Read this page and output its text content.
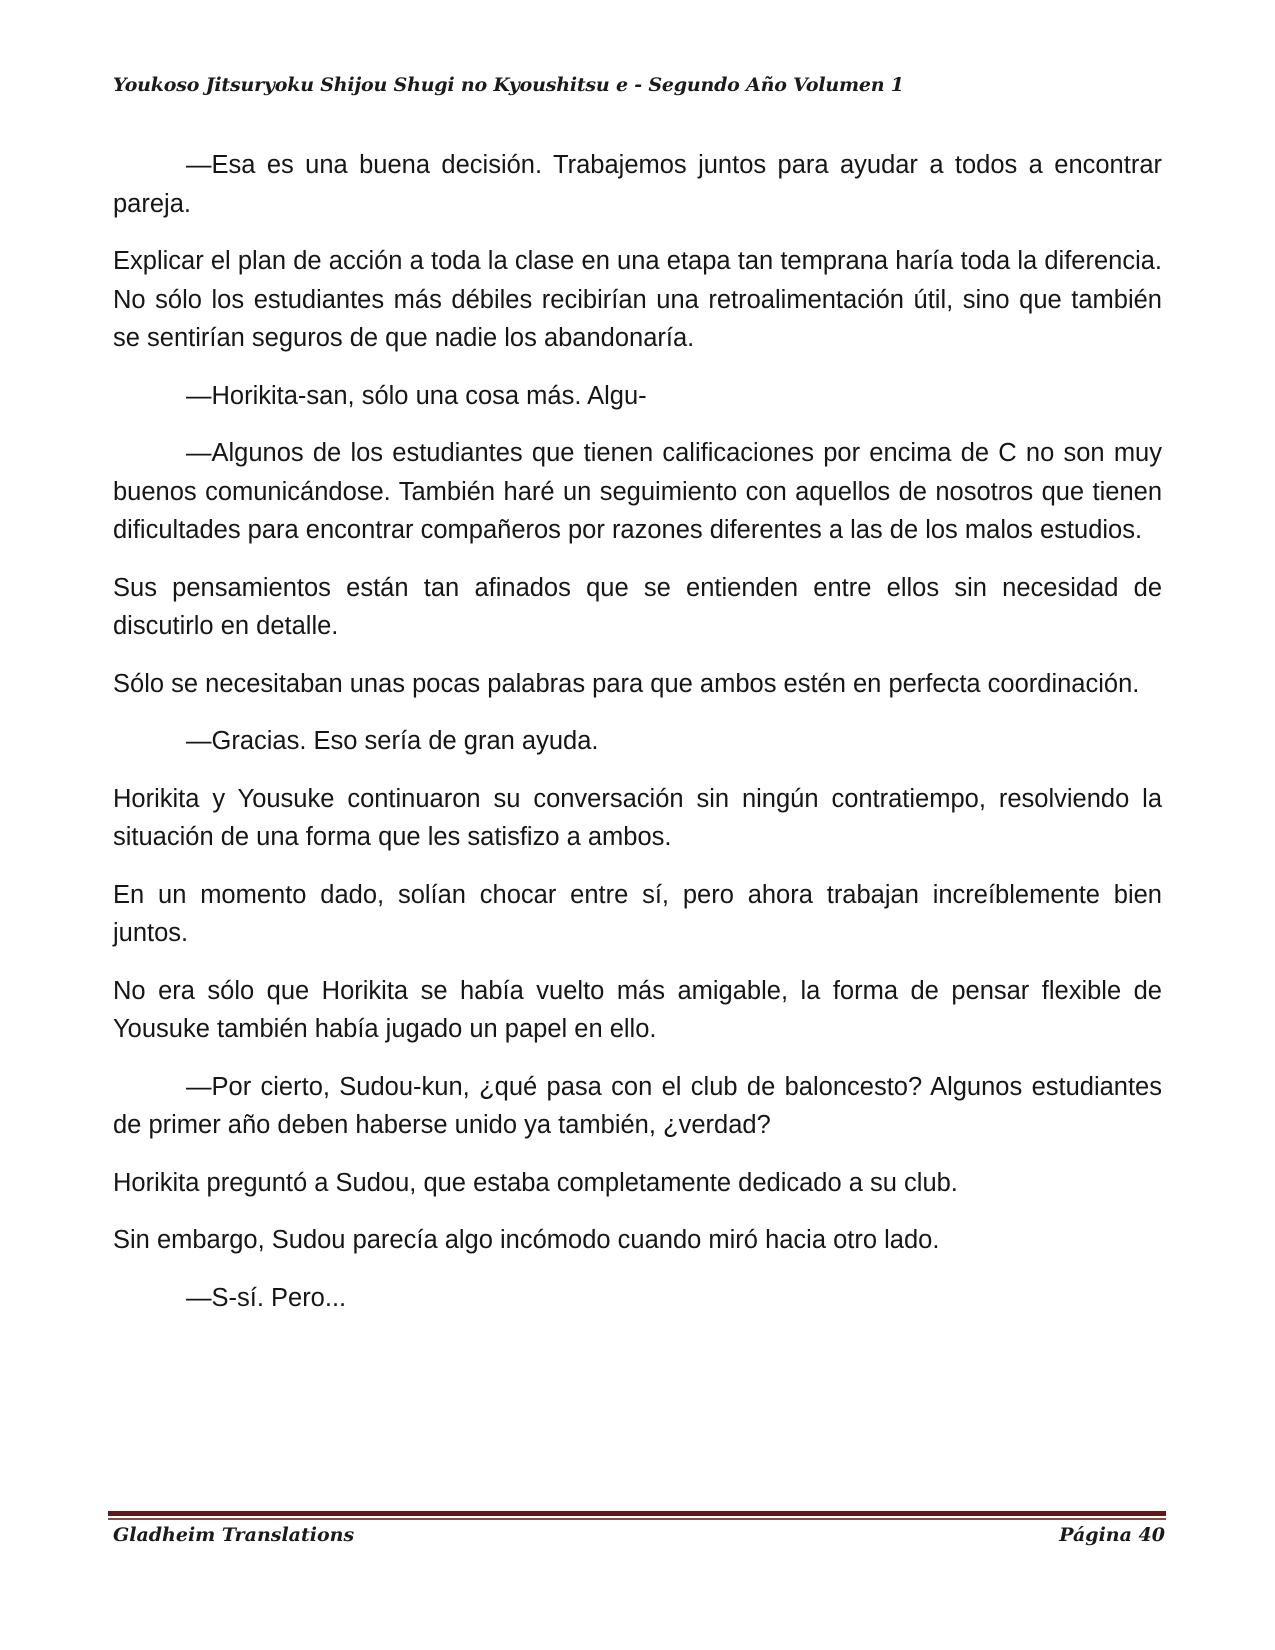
Youkoso Jitsuryoku Shijou Shugi no Kyoushitsu e - Segundo Año Volumen 1

—Esa es una buena decisión. Trabajemos juntos para ayudar a todos a encontrar pareja.

Explicar el plan de acción a toda la clase en una etapa tan temprana haría toda la diferencia. No sólo los estudiantes más débiles recibirían una retroalimentación útil, sino que también se sentirían seguros de que nadie los abandonaría.

—Horikita-san, sólo una cosa más. Algu-

—Algunos de los estudiantes que tienen calificaciones por encima de C no son muy buenos comunicándose. También haré un seguimiento con aquellos de nosotros que tienen dificultades para encontrar compañeros por razones diferentes a las de los malos estudios.

Sus pensamientos están tan afinados que se entienden entre ellos sin necesidad de discutirlo en detalle.

Sólo se necesitaban unas pocas palabras para que ambos estén en perfecta coordinación.

—Gracias. Eso sería de gran ayuda.

Horikita y Yousuke continuaron su conversación sin ningún contratiempo, resolviendo la situación de una forma que les satisfizo a ambos.

En un momento dado, solían chocar entre sí, pero ahora trabajan increíblemente bien juntos.

No era sólo que Horikita se había vuelto más amigable, la forma de pensar flexible de Yousuke también había jugado un papel en ello.

—Por cierto, Sudou-kun, ¿qué pasa con el club de baloncesto? Algunos estudiantes de primer año deben haberse unido ya también, ¿verdad?

Horikita preguntó a Sudou, que estaba completamente dedicado a su club.

Sin embargo, Sudou parecía algo incómodo cuando miró hacia otro lado.

—S-sí. Pero...

Gladheim Translations	Página 40
